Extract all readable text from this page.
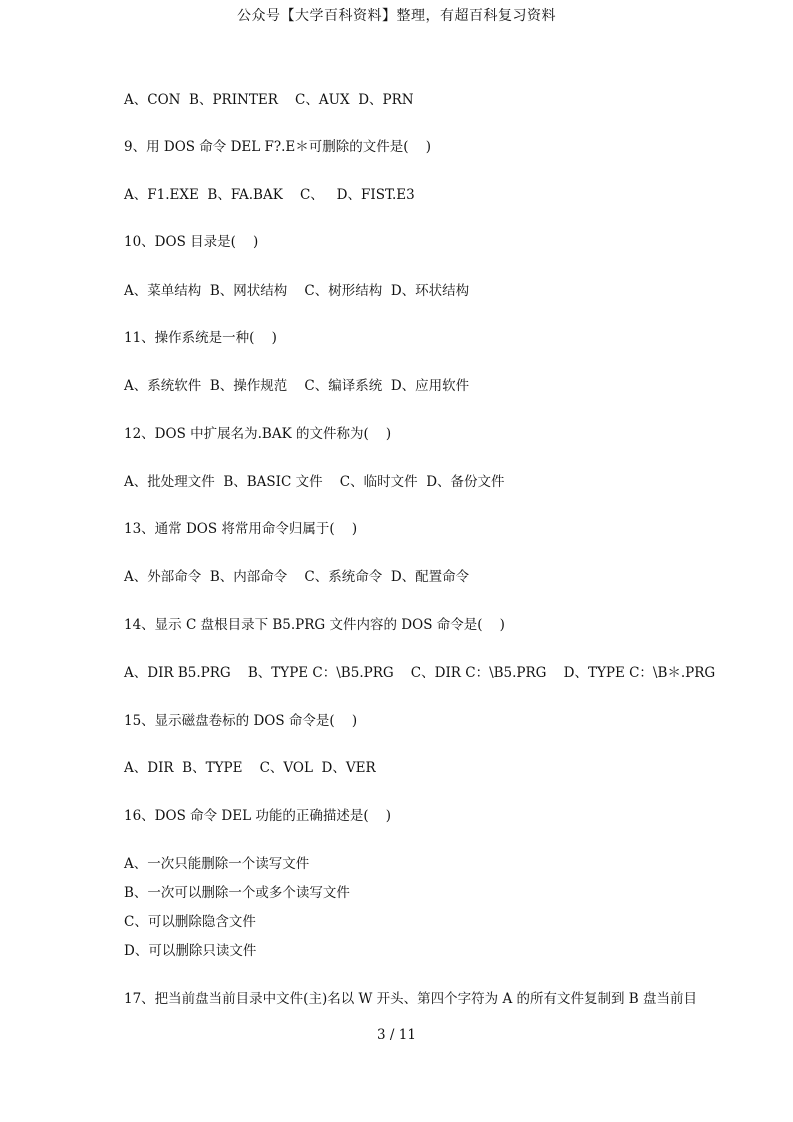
公众号【大学百科资料】整理，有超百科复习资料
A、CON  B、PRINTER    C、AUX  D、PRN
9、用 DOS 命令 DEL F?.E＊可删除的文件是(    )
A、F1.EXE  B、FA.BAK    C、   D、FIST.E3
10、DOS 目录是(    )
A、菜单结构  B、网状结构    C、树形结构  D、环状结构
11、操作系统是一种(    )
A、系统软件  B、操作规范    C、编译系统  D、应用软件
12、DOS 中扩展名为.BAK 的文件称为(    )
A、批处理文件  B、BASIC 文件    C、临时文件  D、备份文件
13、通常 DOS 将常用命令归属于(    )
A、外部命令  B、内部命令    C、系统命令  D、配置命令
14、显示 C 盘根目录下 B5.PRG 文件内容的 DOS 命令是(    )
A、DIR B5.PRG    B、TYPE C：\B5.PRG    C、DIR C：\B5.PRG    D、TYPE C：\B＊.PRG
15、显示磁盘卷标的 DOS 命令是(    )
A、DIR  B、TYPE    C、VOL  D、VER
16、DOS 命令 DEL 功能的正确描述是(    )
A、一次只能删除一个读写文件
B、一次可以删除一个或多个读写文件
C、可以删除隐含文件
D、可以删除只读文件
17、把当前盘当前目录中文件(主)名以 W 开头、第四个字符为 A 的所有文件复制到 B 盘当前目
3 / 11
